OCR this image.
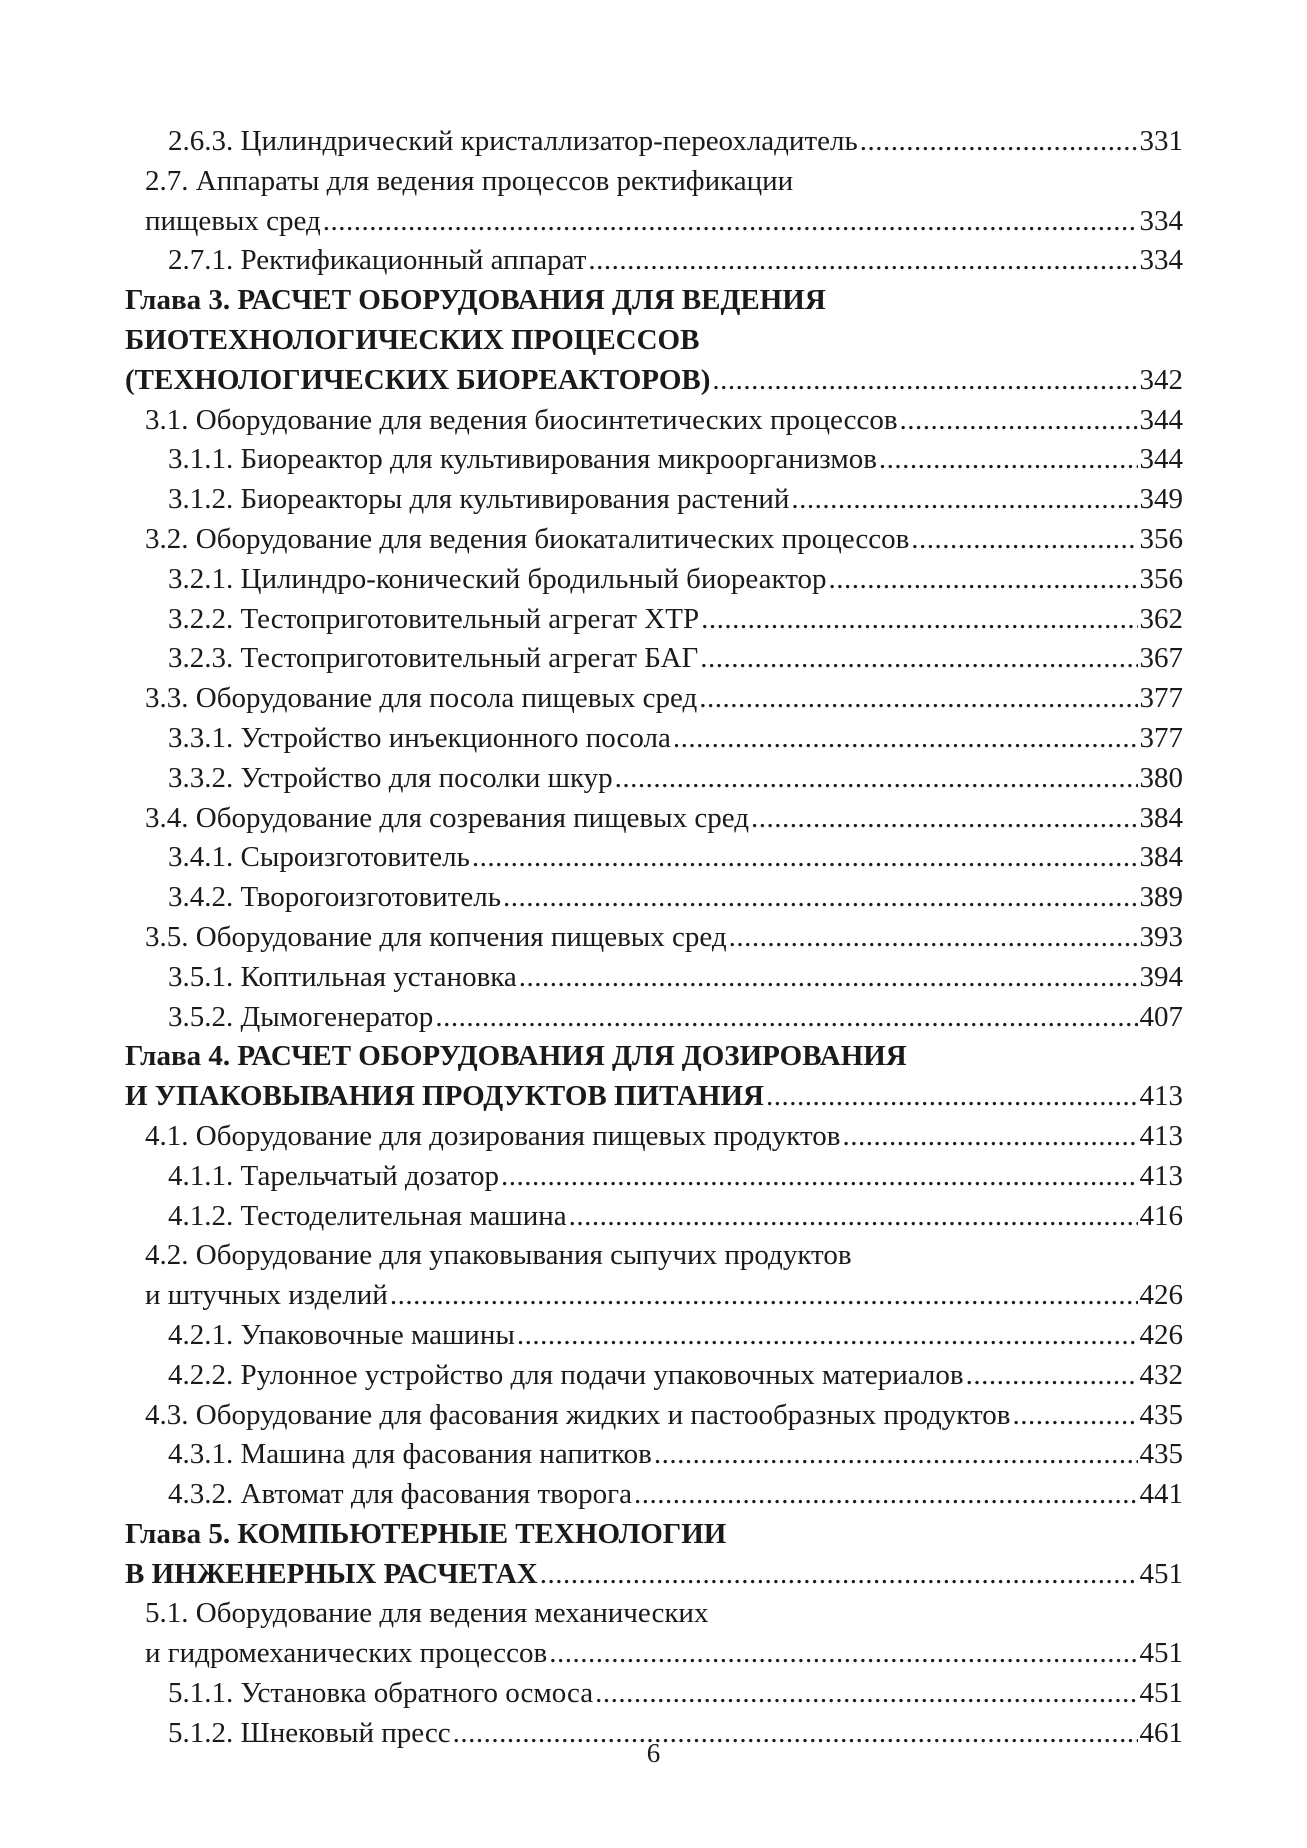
2.6.3. Цилиндрический кристаллизатор-переохладитель .....	331
2.7. Аппараты для ведения процессов ректификации
пищевых сред .....	334
2.7.1. Ректификационный аппарат .....	334
Глава 3. РАСЧЕТ ОБОРУДОВАНИЯ ДЛЯ ВЕДЕНИЯ
БИОТЕХНОЛОГИЧЕСКИХ ПРОЦЕССОВ
(ТЕХНОЛОГИЧЕСКИХ БИОРЕАКТОРОВ) .....	342
3.1. Оборудование для ведения биосинтетических процессов .....	344
3.1.1. Биореактор для культивирования микроорганизмов .....	344
3.1.2. Биореакторы для культивирования растений .....	349
3.2. Оборудование для ведения биокаталитических процессов .....	356
3.2.1. Цилиндро-конический бродильный биореактор .....	356
3.2.2. Тестоприготовительный агрегат ХТР .....	362
3.2.3. Тестоприготовительный агрегат БАГ .....	367
3.3. Оборудование для посола пищевых сред .....	377
3.3.1. Устройство инъекционного посола .....	377
3.3.2. Устройство для посолки шкур .....	380
3.4. Оборудование для созревания пищевых сред .....	384
3.4.1. Сыроизготовитель .....	384
3.4.2. Творогоизготовитель .....	389
3.5. Оборудование для копчения пищевых сред .....	393
3.5.1. Коптильная установка .....	394
3.5.2. Дымогенератор .....	407
Глава 4. РАСЧЕТ ОБОРУДОВАНИЯ ДЛЯ ДОЗИРОВАНИЯ
И УПАКОВЫВАНИЯ ПРОДУКТОВ ПИТАНИЯ .....	413
4.1. Оборудование для дозирования пищевых продуктов .....	413
4.1.1. Тарельчатый дозатор .....	413
4.1.2. Тестоделительная машина .....	416
4.2. Оборудование для упаковывания сыпучих продуктов
и штучных изделий .....	426
4.2.1. Упаковочные машины .....	426
4.2.2. Рулонное устройство для подачи упаковочных материалов .....	432
4.3. Оборудование для фасования жидких и пастообразных продуктов .....	435
4.3.1. Машина для фасования напитков .....	435
4.3.2. Автомат для фасования творога .....	441
Глава 5. КОМПЬЮТЕРНЫЕ ТЕХНОЛОГИИ
В ИНЖЕНЕРНЫХ РАСЧЕТАХ .....	451
5.1. Оборудование для ведения механических
и гидромеханических процессов .....	451
5.1.1. Установка обратного осмоса .....	451
5.1.2. Шнековый пресс .....	461
6
